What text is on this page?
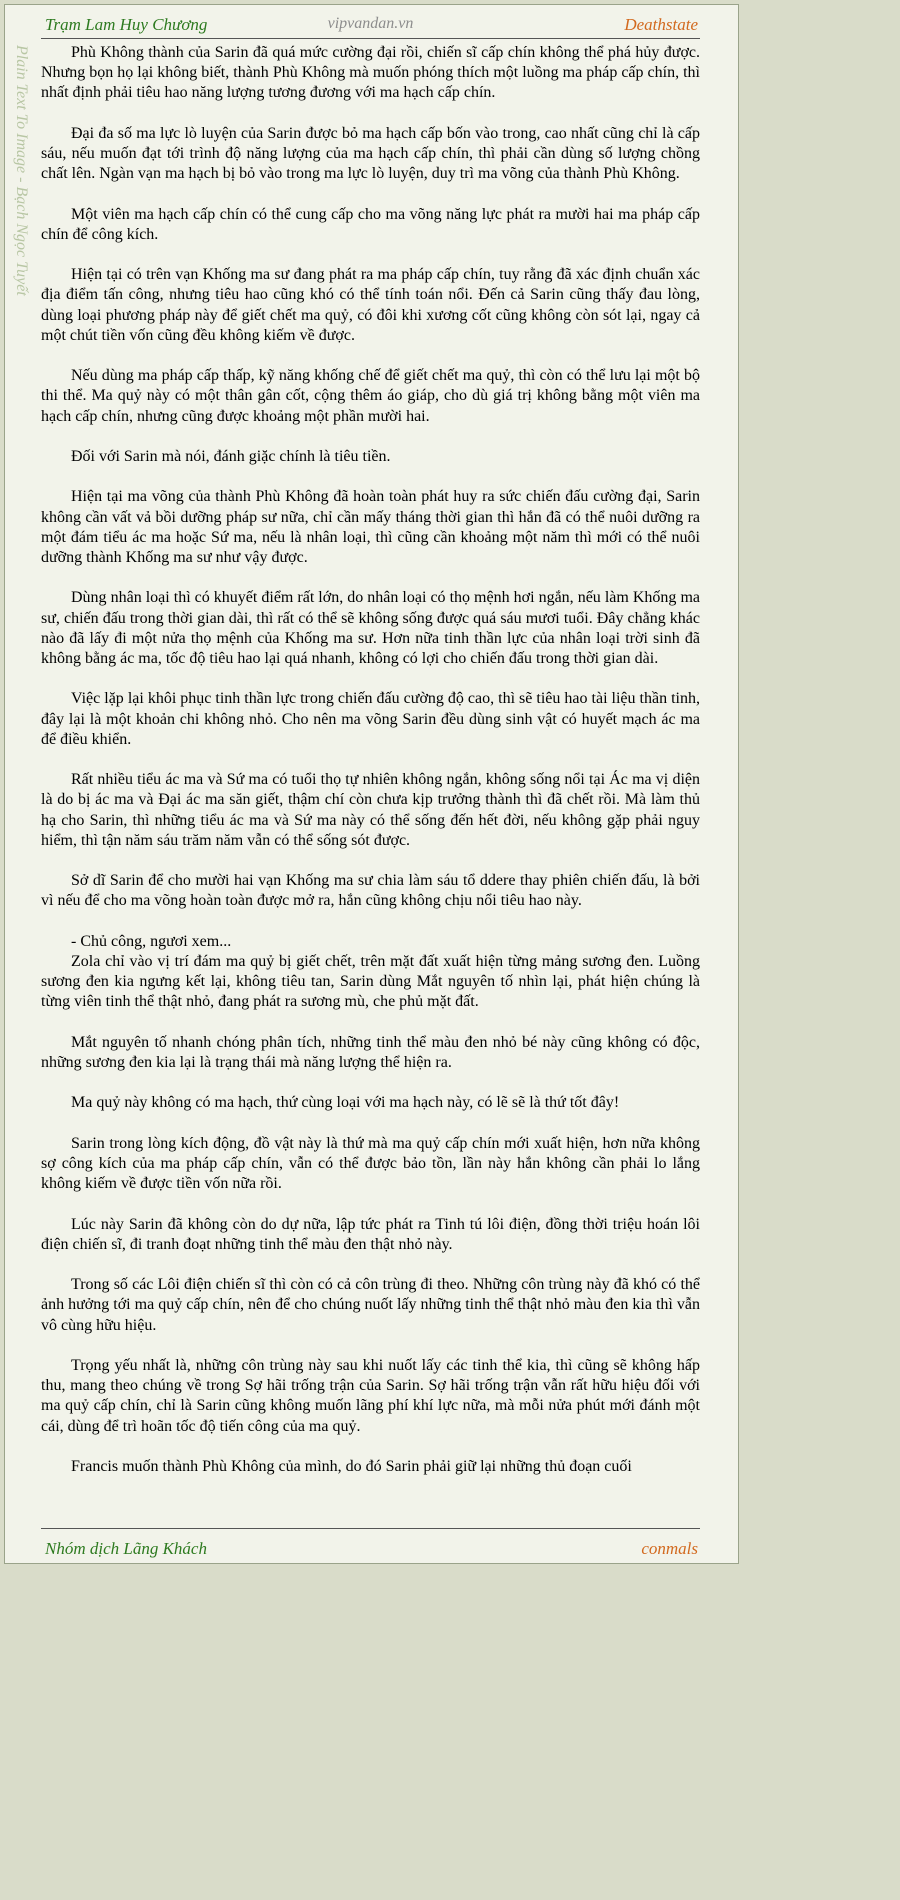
Trạm Lam Huy Chương	vipvandan.vn	Deathstate
Plain Text To Image - Bạch Ngọc Tuyết	Phù Không thành của Sarin đã quá mức cường đại rồi, chiến sĩ cấp chín không thể phá hủy được. Nhưng bọn họ lại không biết, thành Phù Không mà muốn phóng thích một luồng ma pháp cấp chín, thì nhất định phải tiêu hao năng lượng tương đương với ma hạch cấp chín.

Đại đa số ma lực lò luyện của Sarin được bỏ ma hạch cấp bốn vào trong, cao nhất cũng chỉ là cấp sáu, nếu muốn đạt tới trình độ năng lượng của ma hạch cấp chín, thì phải cần dùng số lượng chồng chất lên. Ngàn vạn ma hạch bị bỏ vào trong ma lực lò luyện, duy trì ma võng của thành Phù Không.

Một viên ma hạch cấp chín có thể cung cấp cho ma võng năng lực phát ra mười hai ma pháp cấp chín để công kích.

Hiện tại có trên vạn Khống ma sư đang phát ra ma pháp cấp chín, tuy rằng đã xác định chuẩn xác địa điểm tấn công, nhưng tiêu hao cũng khó có thể tính toán nổi. Đến cả Sarin cũng thấy đau lòng, dùng loại phương pháp này để giết chết ma quỷ, có đôi khi xương cốt cũng không còn sót lại, ngay cả một chút tiền vốn cũng đều không kiếm về được.

Nếu dùng ma pháp cấp thấp, kỹ năng khống chế để giết chết ma quỷ, thì còn có thể lưu lại một bộ thi thể. Ma quỷ này có một thân gân cốt, cộng thêm áo giáp, cho dù giá trị không bằng một viên ma hạch cấp chín, nhưng cũng được khoảng một phần mười hai.

Đối với Sarin mà nói, đánh giặc chính là tiêu tiền.

Hiện tại ma võng của thành Phù Không đã hoàn toàn phát huy ra sức chiến đấu cường đại, Sarin không cần vất vả bồi dưỡng pháp sư nữa, chỉ cần mấy tháng thời gian thì hắn đã có thể nuôi dưỡng ra một đám tiểu ác ma hoặc Sứ ma, nếu là nhân loại, thì cũng cần khoảng một năm thì mới có thể nuôi dưỡng thành Khống ma sư như vậy được.

Dùng nhân loại thì có khuyết điểm rất lớn, do nhân loại có thọ mệnh hơi ngắn, nếu làm Khống ma sư, chiến đấu trong thời gian dài, thì rất có thể sẽ không sống được quá sáu mươi tuổi. Đây chẳng khác nào đã lấy đi một nửa thọ mệnh của Khống ma sư. Hơn nữa tinh thần lực của nhân loại trời sinh đã không bằng ác ma, tốc độ tiêu hao lại quá nhanh, không có lợi cho chiến đấu trong thời gian dài.

Việc lặp lại khôi phục tinh thần lực trong chiến đấu cường độ cao, thì sẽ tiêu hao tài liệu thần tinh, đây lại là một khoản chi không nhỏ. Cho nên ma võng Sarin đều dùng sinh vật có huyết mạch ác ma để điều khiển.

Rất nhiều tiểu ác ma và Sứ ma có tuổi thọ tự nhiên không ngắn, không sống nổi tại Ác ma vị diện là do bị ác ma và Đại ác ma săn giết, thậm chí còn chưa kịp trưởng thành thì đã chết rồi. Mà làm thủ hạ cho Sarin, thì những tiểu ác ma và Sứ ma này có thể sống đến hết đời, nếu không gặp phải nguy hiểm, thì tận năm sáu trăm năm vẫn có thể sống sót được.

Sở dĩ Sarin để cho mười hai vạn Khống ma sư chia làm sáu tổ ddere thay phiên chiến đấu, là bởi vì nếu để cho ma võng hoàn toàn được mở ra, hắn cũng không chịu nổi tiêu hao này.

- Chủ công, ngươi xem...

Zola chỉ vào vị trí đám ma quỷ bị giết chết, trên mặt đất xuất hiện từng mảng sương đen. Luồng sương đen kia ngưng kết lại, không tiêu tan, Sarin dùng Mắt nguyên tố nhìn lại, phát hiện chúng là từng viên tinh thể thật nhỏ, đang phát ra sương mù, che phủ mặt đất.

Mắt nguyên tố nhanh chóng phân tích, những tinh thể màu đen nhỏ bé này cũng không có độc, những sương đen kia lại là trạng thái mà năng lượng thể hiện ra.

Ma quỷ này không có ma hạch, thứ cùng loại với ma hạch này, có lẽ sẽ là thứ tốt đây!

Sarin trong lòng kích động, đồ vật này là thứ mà ma quỷ cấp chín mới xuất hiện, hơn nữa không sợ công kích của ma pháp cấp chín, vẫn có thể được bảo tồn, lần này hắn không cần phải lo lắng không kiếm về được tiền vốn nữa rồi.

Lúc này Sarin đã không còn do dự nữa, lập tức phát ra Tinh tú lôi điện, đồng thời triệu hoán lôi điện chiến sĩ, đi tranh đoạt những tinh thể màu đen thật nhỏ này.

Trong số các Lôi điện chiến sĩ thì còn có cả côn trùng đi theo. Những côn trùng này đã khó có thể ảnh hưởng tới ma quỷ cấp chín, nên để cho chúng nuốt lấy những tinh thể thật nhỏ màu đen kia thì vẫn vô cùng hữu hiệu.

Trọng yếu nhất là, những côn trùng này sau khi nuốt lấy các tinh thể kia, thì cũng sẽ không hấp thu, mang theo chúng về trong Sợ hãi trống trận của Sarin. Sợ hãi trống trận vẫn rất hữu hiệu đối với ma quỷ cấp chín, chỉ là Sarin cũng không muốn lãng phí khí lực nữa, mà mỗi nửa phút mới đánh một cái, dùng để trì hoãn tốc độ tiến công của ma quỷ.

Francis muốn thành Phù Không của mình, do đó Sarin phải giữ lại những thủ đoạn cuối

Nhóm dịch Lãng Khách	conmals
